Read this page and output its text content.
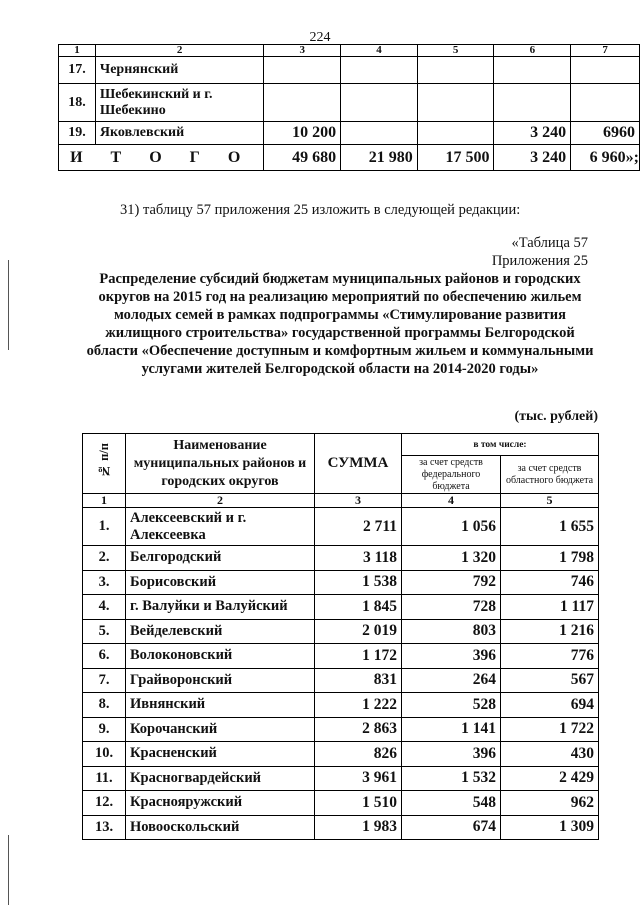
224
1	2	3	4	5	6	7
17.	Чернянский					
18.	Шебекинский и г. Шебекино					
19.	Яковлевский	10 200			3 240	6960
И Т О Г О		49 680	21 980	17 500	3 240	6 960»;
31) таблицу 57 приложения 25 изложить в следующей редакции:
«Таблица 57
Приложения 25
Распределение субсидий бюджетам муниципальных районов и городских округов на 2015 год на реализацию мероприятий по обеспечению жильем молодых семей в рамках подпрограммы «Стимулирование развития жилищного строительства» государственной программы Белгородской области «Обеспечение доступным и комфортным жильем и коммунальными услугами жителей Белгородской области на 2014-2020 годы»
(тыс. рублей)
№ п/п	Наименование муниципальных районов и городских округов	СУММА	в том числе:	
			за счет средств федерального бюджета	за счет средств областного бюджета
1	2	3	4	5
1.	Алексеевский и г. Алексеевка	2 711	1 056	1 655
2.	Белгородский	3 118	1 320	1 798
3.	Борисовский	1 538	792	746
4.	г. Валуйки и Валуйский	1 845	728	1 117
5.	Вейделевский	2 019	803	1 216
6.	Волоконовский	1 172	396	776
7.	Грайворонский	831	264	567
8.	Ивнянский	1 222	528	694
9.	Корочанский	2 863	1 141	1 722
10.	Красненский	826	396	430
11.	Красногвардейский	3 961	1 532	2 429
12.	Краснояружский	1 510	548	962
13.	Новооскольский	1 983	674	1 309
